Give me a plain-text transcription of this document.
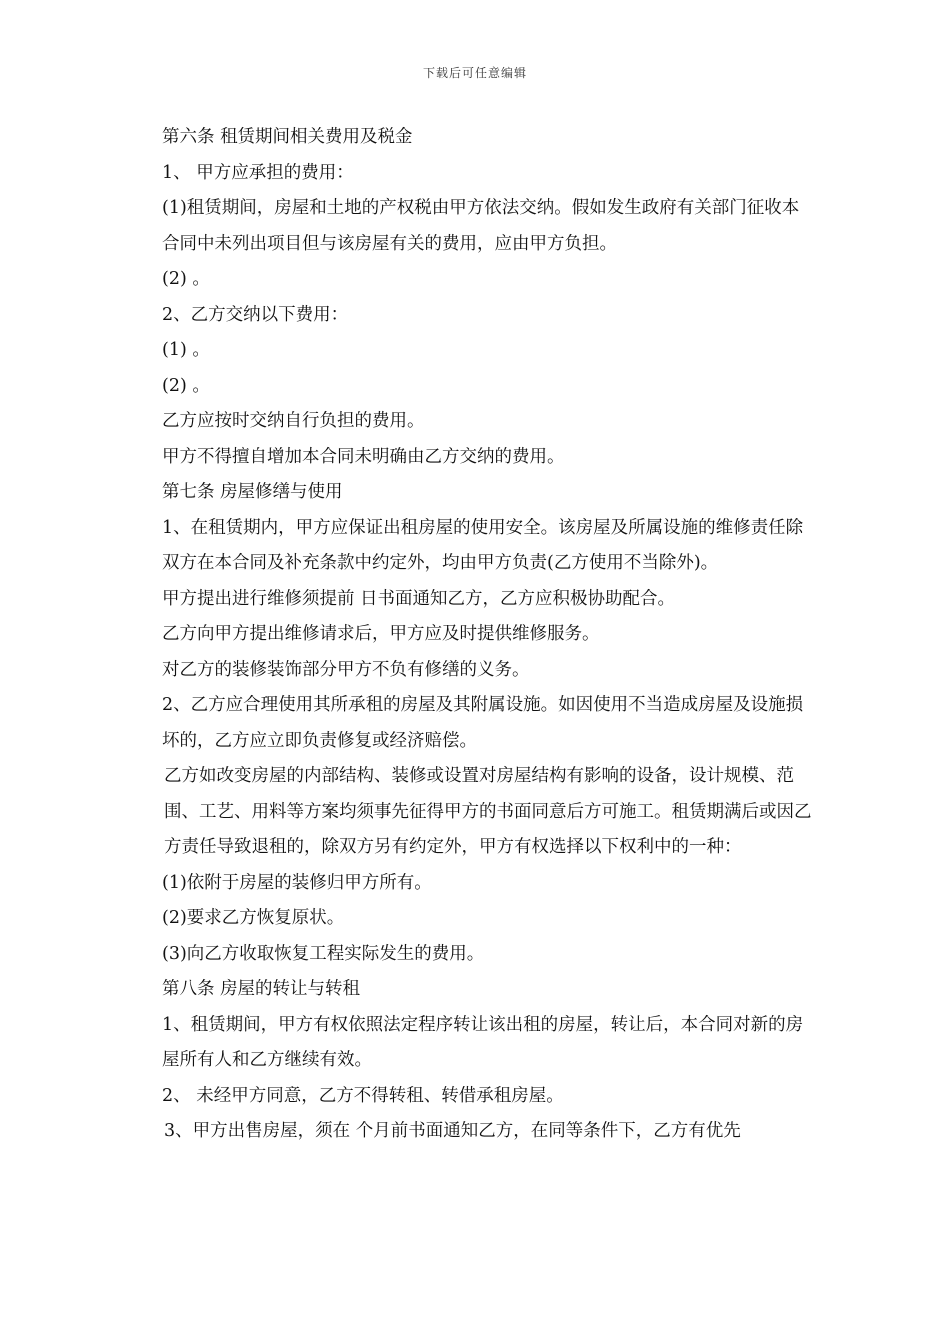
下载后可任意编辑

第六条 租赁期间相关费用及税金

1、 甲方应承担的费用：

(1)租赁期间，房屋和土地的产权税由甲方依法交纳。假如发生政府有关部门征收本合同中未列出项目但与该房屋有关的费用，应由甲方负担。

(2) 。

2、乙方交纳以下费用：

(1) 。

(2) 。

乙方应按时交纳自行负担的费用。

甲方不得擅自增加本合同未明确由乙方交纳的费用。

第七条 房屋修缮与使用

1、在租赁期内，甲方应保证出租房屋的使用安全。该房屋及所属设施的维修责任除双方在本合同及补充条款中约定外，均由甲方负责(乙方使用不当除外)。

甲方提出进行维修须提前 日书面通知乙方，乙方应积极协助配合。

乙方向甲方提出维修请求后，甲方应及时提供维修服务。

对乙方的装修装饰部分甲方不负有修缮的义务。

2、乙方应合理使用其所承租的房屋及其附属设施。如因使用不当造成房屋及设施损坏的，乙方应立即负责修复或经济赔偿。

乙方如改变房屋的内部结构、装修或设置对房屋结构有影响的设备，设计规模、范围、工艺、用料等方案均须事先征得甲方的书面同意后方可施工。租赁期满后或因乙方责任导致退租的，除双方另有约定外，甲方有权选择以下权利中的一种：

(1)依附于房屋的装修归甲方所有。

(2)要求乙方恢复原状。

(3)向乙方收取恢复工程实际发生的费用。

第八条 房屋的转让与转租

1、租赁期间，甲方有权依照法定程序转让该出租的房屋，转让后，本合同对新的房屋所有人和乙方继续有效。

2、 未经甲方同意，乙方不得转租、转借承租房屋。

3、甲方出售房屋，须在 个月前书面通知乙方，在同等条件下，乙方有优先
